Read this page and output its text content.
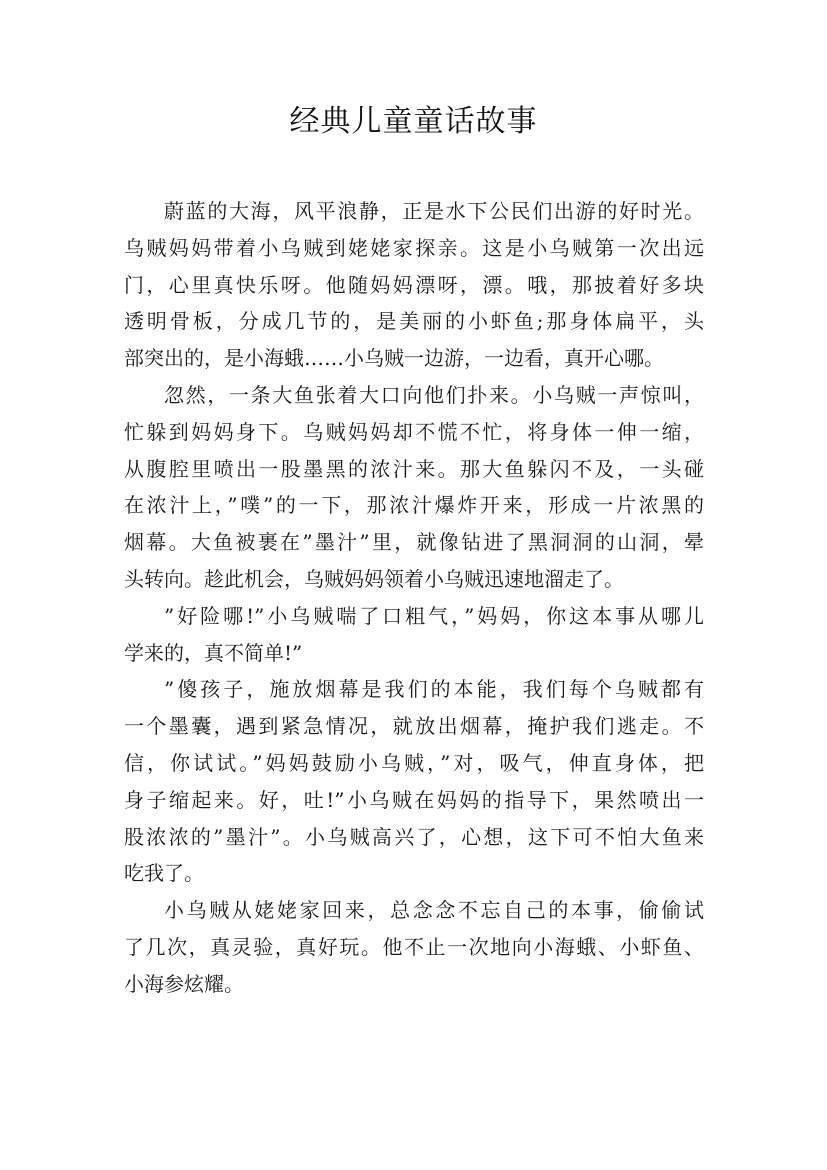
经典儿童童话故事
蔚蓝的大海，风平浪静，正是水下公民们出游的好时光。
乌贼妈妈带着小乌贼到姥姥家探亲。这是小乌贼第一次出远
门，心里真快乐呀。他随妈妈漂呀，漂。哦，那披着好多块
透明骨板，分成几节的，是美丽的小虾鱼;那身体扁平，头
部突出的，是小海蛾……小乌贼一边游，一边看，真开心哪。
忽然，一条大鱼张着大口向他们扑来。小乌贼一声惊叫，
忙躲到妈妈身下。乌贼妈妈却不慌不忙，将身体一伸一缩，
从腹腔里喷出一股墨黑的浓汁来。那大鱼躲闪不及，一头碰
在浓汁上，”噗”的一下，那浓汁爆炸开来，形成一片浓黑的
烟幕。大鱼被裹在”墨汁”里，就像钻进了黑洞洞的山洞，晕
头转向。趁此机会，乌贼妈妈领着小乌贼迅速地溜走了。
”好险哪!”小乌贼喘了口粗气，”妈妈，你这本事从哪儿
学来的，真不简单!”
”傻孩子，施放烟幕是我们的本能，我们每个乌贼都有
一个墨囊，遇到紧急情况，就放出烟幕，掩护我们逃走。不
信，你试试。”妈妈鼓励小乌贼，”对，吸气，伸直身体，把
身子缩起来。好，吐!”小乌贼在妈妈的指导下，果然喷出一
股浓浓的”墨汁”。小乌贼高兴了，心想，这下可不怕大鱼来
吃我了。
小乌贼从姥姥家回来，总念念不忘自己的本事，偷偷试
了几次，真灵验，真好玩。他不止一次地向小海蛾、小虾鱼、
小海参炫耀。
